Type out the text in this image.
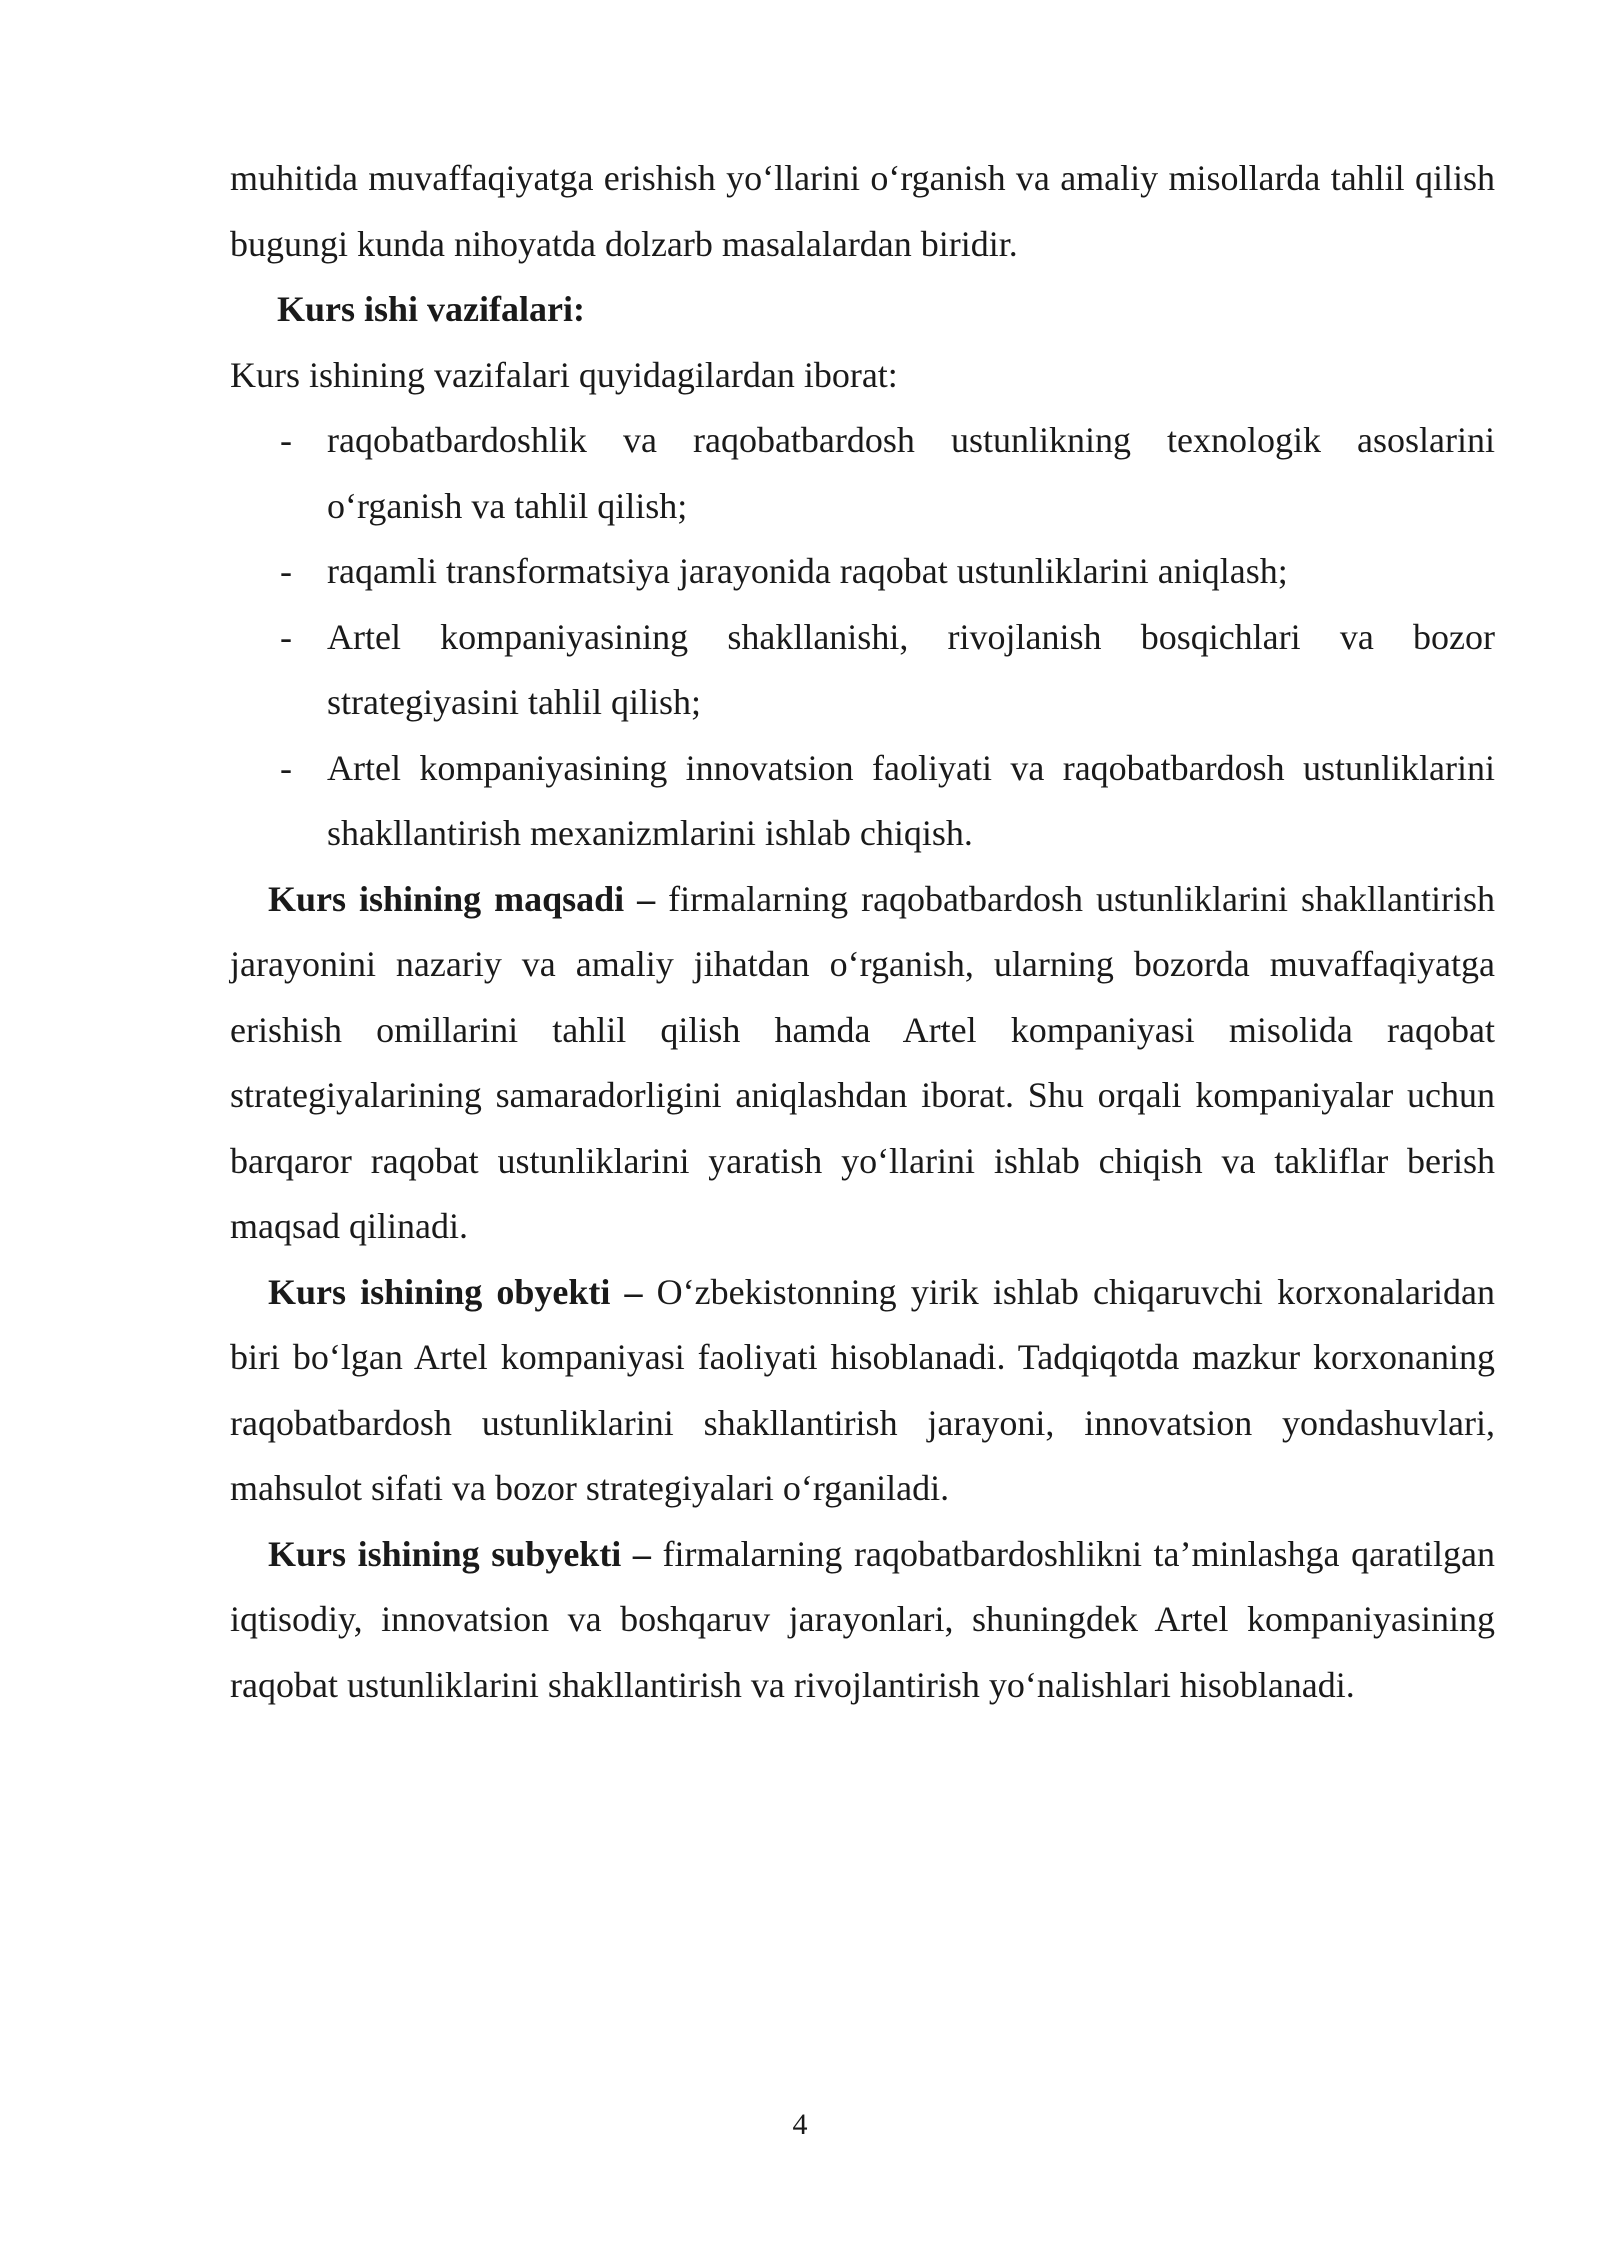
muhitida muvaffaqiyatga erishish yo‘llarini o‘rganish va amaliy misollarda tahlil qilish bugungi kunda nihoyatda dolzarb masalalardan biridir.

Kurs ishi vazifalari:

Kurs ishining vazifalari quyidagilardan iborat:

- raqobatbardoshlik va raqobatbardosh ustunlikning texnologik asoslarini o‘rganish va tahlil qilish;
- raqamli transformatsiya jarayonida raqobat ustunliklarini aniqlash;
- Artel kompaniyasining shakllanishi, rivojlanish bosqichlari va bozor strategiyasini tahlil qilish;
- Artel kompaniyasining innovatsion faoliyati va raqobatbardosh ustunliklarini shakllantirish mexanizmlarini ishlab chiqish.

Kurs ishining maqsadi – firmalarning raqobatbardosh ustunliklarini shakllantirish jarayonini nazariy va amaliy jihatdan o‘rganish, ularning bozorda muvaffaqiyatga erishish omillarini tahlil qilish hamda Artel kompaniyasi misolida raqobat strategiyalarining samaradorligini aniqlashdan iborat. Shu orqali kompaniyalar uchun barqaror raqobat ustunliklarini yaratish yo‘llarini ishlab chiqish va takliflar berish maqsad qilinadi.

Kurs ishining obyekti – O‘zbekistonning yirik ishlab chiqaruvchi korxonalaridan biri bo‘lgan Artel kompaniyasi faoliyati hisoblanadi. Tadqiqotda mazkur korxonaning raqobatbardosh ustunliklarini shakllantirish jarayoni, innovatsion yondashuvlari, mahsulot sifati va bozor strategiyalari o‘rganiladi.

Kurs ishining subyekti – firmalarning raqobatbardoshlikni ta’minlashga qaratilgan iqtisodiy, innovatsion va boshqaruv jarayonlari, shuningdek Artel kompaniyasining raqobat ustunliklarini shakllantirish va rivojlantirish yo‘nalishlari hisoblanadi.

4
